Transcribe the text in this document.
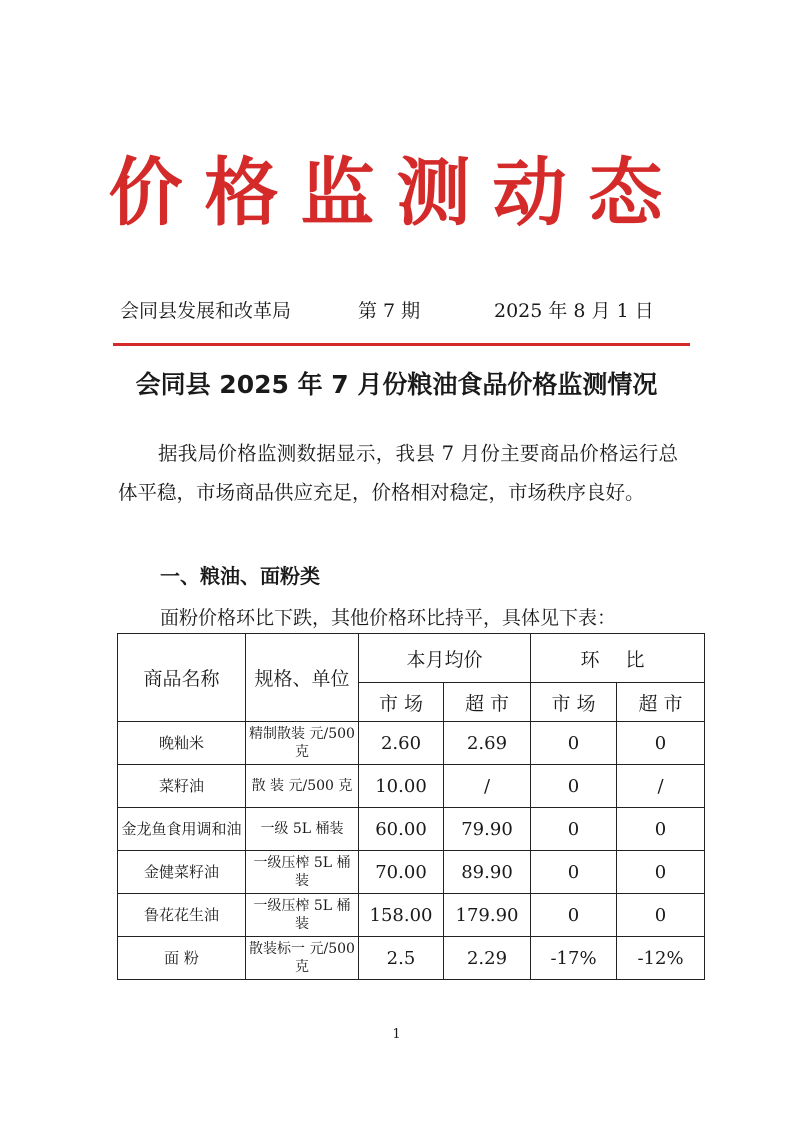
价格监测动态
会同县发展和改革局	第 7 期	2025 年 8 月 1 日
会同县 2025 年 7 月份粮油食品价格监测情况
据我局价格监测数据显示，我县 7 月份主要商品价格运行总体平稳，市场商品供应充足，价格相对稳定，市场秩序良好。
一、粮油、面粉类
面粉价格环比下跌，其他价格环比持平，具体见下表：
商品名称	规格、单位	本月均价		环 比	
		市 场	超 市	市 场	超 市
晚籼米	精制散装 元/500 克	2.60	2.69	0	0
菜籽油	散 装 元/500 克	10.00	/	0	/
金龙鱼食用调和油	一级 5L 桶装	60.00	79.90	0	0
金健菜籽油	一级压榨 5L 桶装	70.00	89.90	0	0
鲁花花生油	一级压榨 5L 桶装	158.00	179.90	0	0
面 粉	散装标一 元/500 克	2.5	2.29	-17%	-12%
1
